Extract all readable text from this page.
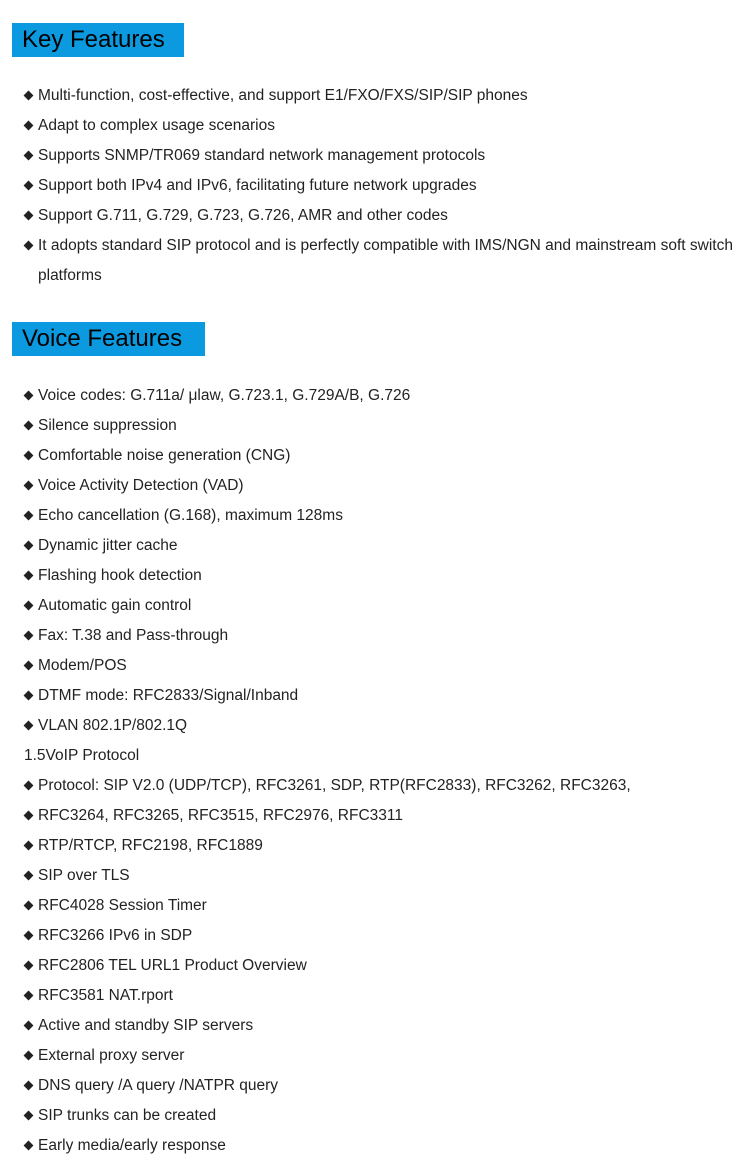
Key Features
Multi-function, cost-effective, and support E1/FXO/FXS/SIP/SIP phones
Adapt to complex usage scenarios
Supports SNMP/TR069 standard network management protocols
Support both IPv4 and IPv6, facilitating future network upgrades
Support G.711, G.729, G.723, G.726, AMR and other codes
It adopts standard SIP protocol and is perfectly compatible with IMS/NGN and mainstream soft switch platforms
Voice Features
Voice codes: G.711a/ μlaw, G.723.1, G.729A/B, G.726
Silence suppression
Comfortable noise generation (CNG)
Voice Activity Detection (VAD)
Echo cancellation (G.168), maximum 128ms
Dynamic jitter cache
Flashing hook detection
Automatic gain control
Fax: T.38 and Pass-through
Modem/POS
DTMF mode: RFC2833/Signal/Inband
VLAN 802.1P/802.1Q
1.5VoIP Protocol
Protocol: SIP V2.0 (UDP/TCP), RFC3261, SDP, RTP(RFC2833), RFC3262, RFC3263,
RFC3264, RFC3265, RFC3515, RFC2976, RFC3311
RTP/RTCP, RFC2198, RFC1889
SIP over TLS
RFC4028 Session Timer
RFC3266 IPv6 in SDP
RFC2806 TEL URL1 Product Overview
RFC3581 NAT.rport
Active and standby SIP servers
External proxy server
DNS query /A query /NATPR query
SIP trunks can be created
Early media/early response
